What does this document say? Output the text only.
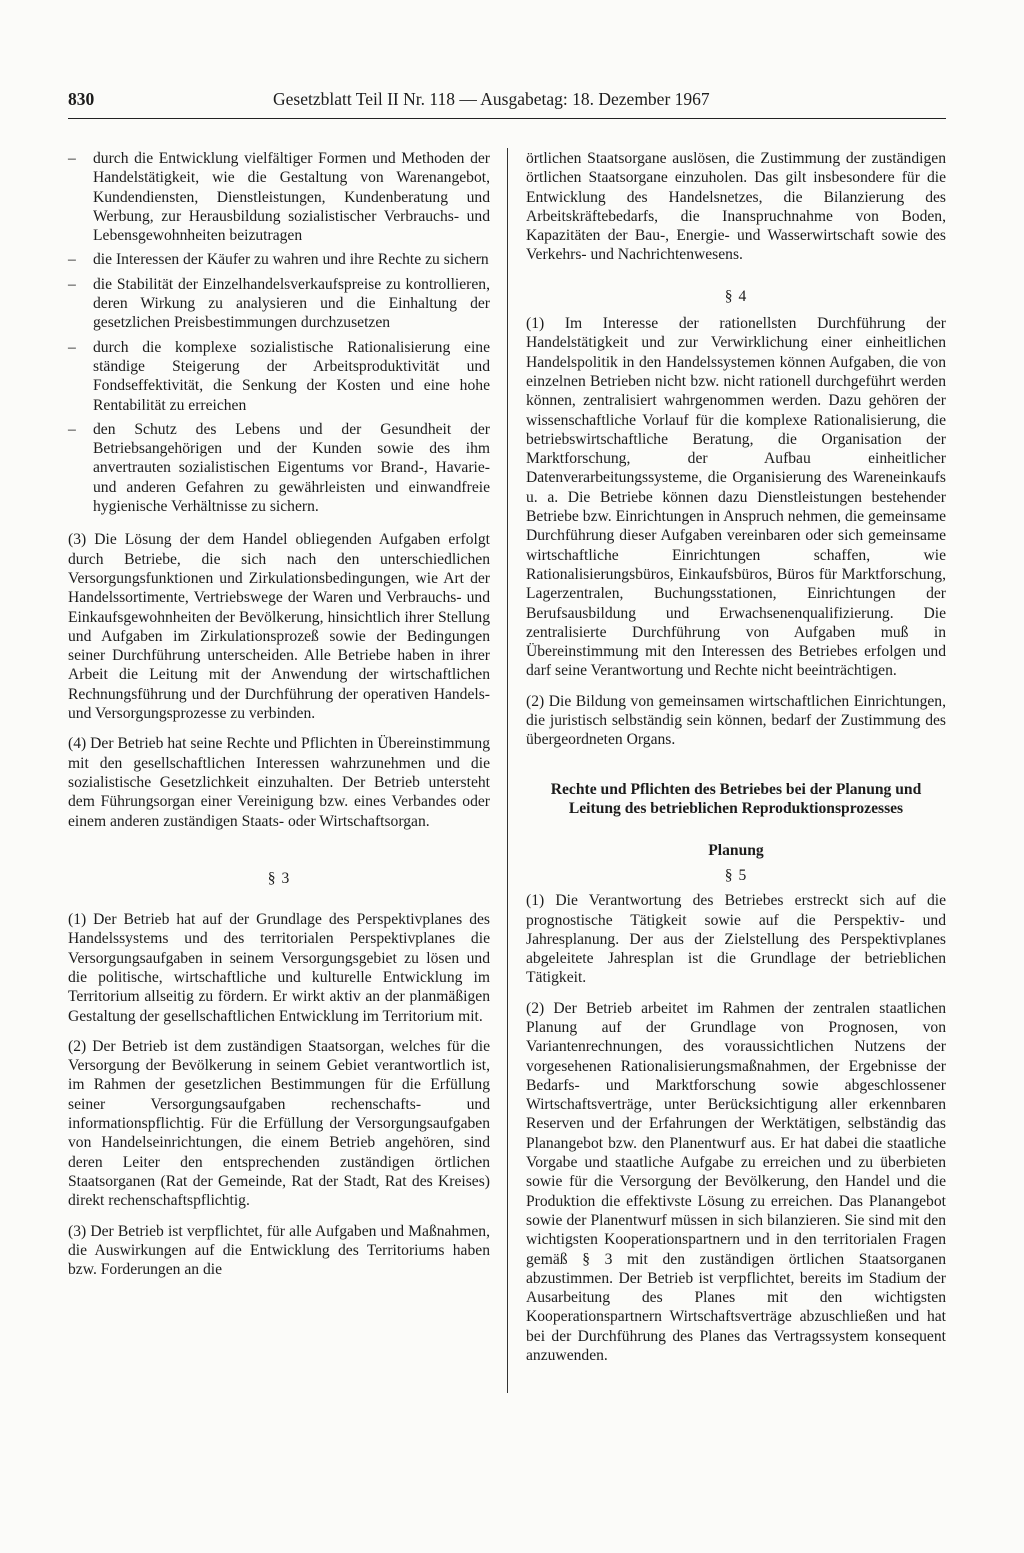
830	Gesetzblatt Teil II Nr. 118 — Ausgabetag: 18. Dezember 1967
– durch die Entwicklung vielfältiger Formen und Methoden der Handelstätigkeit, wie die Gestaltung von Warenangebot, Kundendiensten, Dienstleistungen, Kundenberatung und Werbung, zur Herausbildung sozialistischer Verbrauchs- und Lebensgewohnheiten beizutragen
– die Interessen der Käufer zu wahren und ihre Rechte zu sichern
– die Stabilität der Einzelhandelsverkaufspreise zu kontrollieren, deren Wirkung zu analysieren und die Einhaltung der gesetzlichen Preisbestimmungen durchzusetzen
– durch die komplexe sozialistische Rationalisierung eine ständige Steigerung der Arbeitsproduktivität und Fondseffektivität, die Senkung der Kosten und eine hohe Rentabilität zu erreichen
– den Schutz des Lebens und der Gesundheit der Betriebsangehörigen und der Kunden sowie des ihm anvertrauten sozialistischen Eigentums vor Brand-, Havarie- und anderen Gefahren zu gewährleisten und einwandfreie hygienische Verhältnisse zu sichern.

(3) Die Lösung der dem Handel obliegenden Aufgaben erfolgt durch Betriebe, die sich nach den unterschiedlichen Versorgungsfunktionen und Zirkulationsbedingungen, wie Art der Handelssortimente, Vertriebswege der Waren und Verbrauchs- und Einkaufsgewohnheiten der Bevölkerung, hinsichtlich ihrer Stellung und Aufgaben im Zirkulationsprozeß sowie der Bedingungen seiner Durchführung unterscheiden. Alle Betriebe haben in ihrer Arbeit die Leitung mit der Anwendung der wirtschaftlichen Rechnungsführung und der Durchführung der operativen Handels- und Versorgungsprozesse zu verbinden.

(4) Der Betrieb hat seine Rechte und Pflichten in Übereinstimmung mit den gesellschaftlichen Interessen wahrzunehmen und die sozialistische Gesetzlichkeit einzuhalten. Der Betrieb untersteht dem Führungsorgan einer Vereinigung bzw. eines Verbandes oder einem anderen zuständigen Staats- oder Wirtschaftsorgan.

§ 3

(1) Der Betrieb hat auf der Grundlage des Perspektivplanes des Handelssystems und des territorialen Perspektivplanes die Versorgungsaufgaben in seinem Versorgungsgebiet zu lösen und die politische, wirtschaftliche und kulturelle Entwicklung im Territorium allseitig zu fördern. Er wirkt aktiv an der planmäßigen Gestaltung der gesellschaftlichen Entwicklung im Territorium mit.

(2) Der Betrieb ist dem zuständigen Staatsorgan, welches für die Versorgung der Bevölkerung in seinem Gebiet verantwortlich ist, im Rahmen der gesetzlichen Bestimmungen für die Erfüllung seiner Versorgungsaufgaben rechenschafts- und informationspflichtig. Für die Erfüllung der Versorgungsaufgaben von Handelseinrichtungen, die einem Betrieb angehören, sind deren Leiter den entsprechenden zuständigen örtlichen Staatsorganen (Rat der Gemeinde, Rat der Stadt, Rat des Kreises) direkt rechenschaftspflichtig.

(3) Der Betrieb ist verpflichtet, für alle Aufgaben und Maßnahmen, die Auswirkungen auf die Entwicklung des Territoriums haben bzw. Forderungen an die

örtlichen Staatsorgane auslösen, die Zustimmung der zuständigen örtlichen Staatsorgane einzuholen. Das gilt insbesondere für die Entwicklung des Handelsnetzes, die Bilanzierung des Arbeitskräftebedarfs, die Inanspruchnahme von Boden, Kapazitäten der Bau-, Energie- und Wasserwirtschaft sowie des Verkehrs- und Nachrichtenwesens.

§ 4

(1) Im Interesse der rationellsten Durchführung der Handelstätigkeit und zur Verwirklichung einer einheitlichen Handelspolitik in den Handelssystemen können Aufgaben, die von einzelnen Betrieben nicht bzw. nicht rationell durchgeführt werden können, zentralisiert wahrgenommen werden. Dazu gehören der wissenschaftliche Vorlauf für die komplexe Rationalisierung, die betriebswirtschaftliche Beratung, die Organisation der Marktforschung, der Aufbau einheitlicher Datenverarbeitungssysteme, die Organisierung des Wareneinkaufs u. a. Die Betriebe können dazu Dienstleistungen bestehender Betriebe bzw. Einrichtungen in Anspruch nehmen, die gemeinsame Durchführung dieser Aufgaben vereinbaren oder sich gemeinsame wirtschaftliche Einrichtungen schaffen, wie Rationalisierungsbüros, Einkaufsbüros, Büros für Marktforschung, Lagerzentralen, Buchungsstationen, Einrichtungen der Berufsausbildung und Erwachsenenqualifizierung. Die zentralisierte Durchführung von Aufgaben muß in Übereinstimmung mit den Interessen des Betriebes erfolgen und darf seine Verantwortung und Rechte nicht beeinträchtigen.

(2) Die Bildung von gemeinsamen wirtschaftlichen Einrichtungen, die juristisch selbständig sein können, bedarf der Zustimmung des übergeordneten Organs.

Rechte und Pflichten des Betriebes bei der Planung und Leitung des betrieblichen Reproduktionsprozesses
Planung
§ 5

(1) Die Verantwortung des Betriebes erstreckt sich auf die prognostische Tätigkeit sowie auf die Perspektiv- und Jahresplanung. Der aus der Zielstellung des Perspektivplanes abgeleitete Jahresplan ist die Grundlage der betrieblichen Tätigkeit.

(2) Der Betrieb arbeitet im Rahmen der zentralen staatlichen Planung auf der Grundlage von Prognosen, von Variantenrechnungen, des voraussichtlichen Nutzens der vorgesehenen Rationalisierungsmaßnahmen, der Ergebnisse der Bedarfs- und Marktforschung sowie abgeschlossener Wirtschaftsverträge, unter Berücksichtigung aller erkennbaren Reserven und der Erfahrungen der Werktätigen, selbständig das Planangebot bzw. den Planentwurf aus. Er hat dabei die staatliche Vorgabe und staatliche Aufgabe zu erreichen und zu überbieten sowie für die Versorgung der Bevölkerung, den Handel und die Produktion die effektivste Lösung zu erreichen. Das Planangebot sowie der Planentwurf müssen in sich bilanzieren. Sie sind mit den wichtigsten Kooperationspartnern und in den territorialen Fragen gemäß § 3 mit den zuständigen örtlichen Staatsorganen abzustimmen. Der Betrieb ist verpflichtet, bereits im Stadium der Ausarbeitung des Planes mit den wichtigsten Kooperationspartnern Wirtschaftsverträge abzuschließen und hat bei der Durchführung des Planes das Vertragssystem konsequent anzuwenden.
